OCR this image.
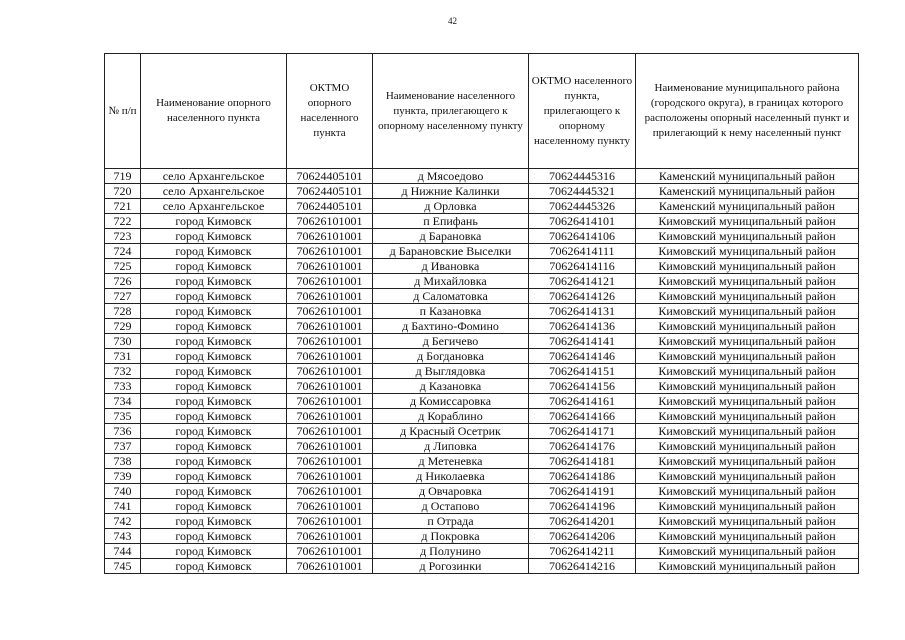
42
№ п/п	Наименование опорного населенного пункта	ОКТМО опорного населенного пункта	Наименование населенного пункта, прилегающего к опорному населенному пункту	ОКТМО населенного пункта, прилегающего к опорному населенному пункту	Наименование муниципального района (городского округа), в границах которого расположены опорный населенный пункт и прилегающий к нему населенный пункт
719	село Архангельское	70624405101	д Мясоедово	70624445316	Каменский муниципальный район
720	село Архангельское	70624405101	д Нижние Калинки	70624445321	Каменский муниципальный район
721	село Архангельское	70624405101	д Орловка	70624445326	Каменский муниципальный район
722	город Кимовск	70626101001	п Епифань	70626414101	Кимовский муниципальный район
723	город Кимовск	70626101001	д Барановка	70626414106	Кимовский муниципальный район
724	город Кимовск	70626101001	д Барановские Выселки	70626414111	Кимовский муниципальный район
725	город Кимовск	70626101001	д Ивановка	70626414116	Кимовский муниципальный район
726	город Кимовск	70626101001	д Михайловка	70626414121	Кимовский муниципальный район
727	город Кимовск	70626101001	д Саломатовка	70626414126	Кимовский муниципальный район
728	город Кимовск	70626101001	п Казановка	70626414131	Кимовский муниципальный район
729	город Кимовск	70626101001	д Бахтино-Фомино	70626414136	Кимовский муниципальный район
730	город Кимовск	70626101001	д Бегичево	70626414141	Кимовский муниципальный район
731	город Кимовск	70626101001	д Богдановка	70626414146	Кимовский муниципальный район
732	город Кимовск	70626101001	д Выглядовка	70626414151	Кимовский муниципальный район
733	город Кимовск	70626101001	д Казановка	70626414156	Кимовский муниципальный район
734	город Кимовск	70626101001	д Комиссаровка	70626414161	Кимовский муниципальный район
735	город Кимовск	70626101001	д Кораблино	70626414166	Кимовский муниципальный район
736	город Кимовск	70626101001	д Красный Осетрик	70626414171	Кимовский муниципальный район
737	город Кимовск	70626101001	д Липовка	70626414176	Кимовский муниципальный район
738	город Кимовск	70626101001	д Метеневка	70626414181	Кимовский муниципальный район
739	город Кимовск	70626101001	д Николаевка	70626414186	Кимовский муниципальный район
740	город Кимовск	70626101001	д Овчаровка	70626414191	Кимовский муниципальный район
741	город Кимовск	70626101001	д Остапово	70626414196	Кимовский муниципальный район
742	город Кимовск	70626101001	п Отрада	70626414201	Кимовский муниципальный район
743	город Кимовск	70626101001	д Покровка	70626414206	Кимовский муниципальный район
744	город Кимовск	70626101001	д Полунино	70626414211	Кимовский муниципальный район
745	город Кимовск	70626101001	д Рогозинки	70626414216	Кимовский муниципальный район
